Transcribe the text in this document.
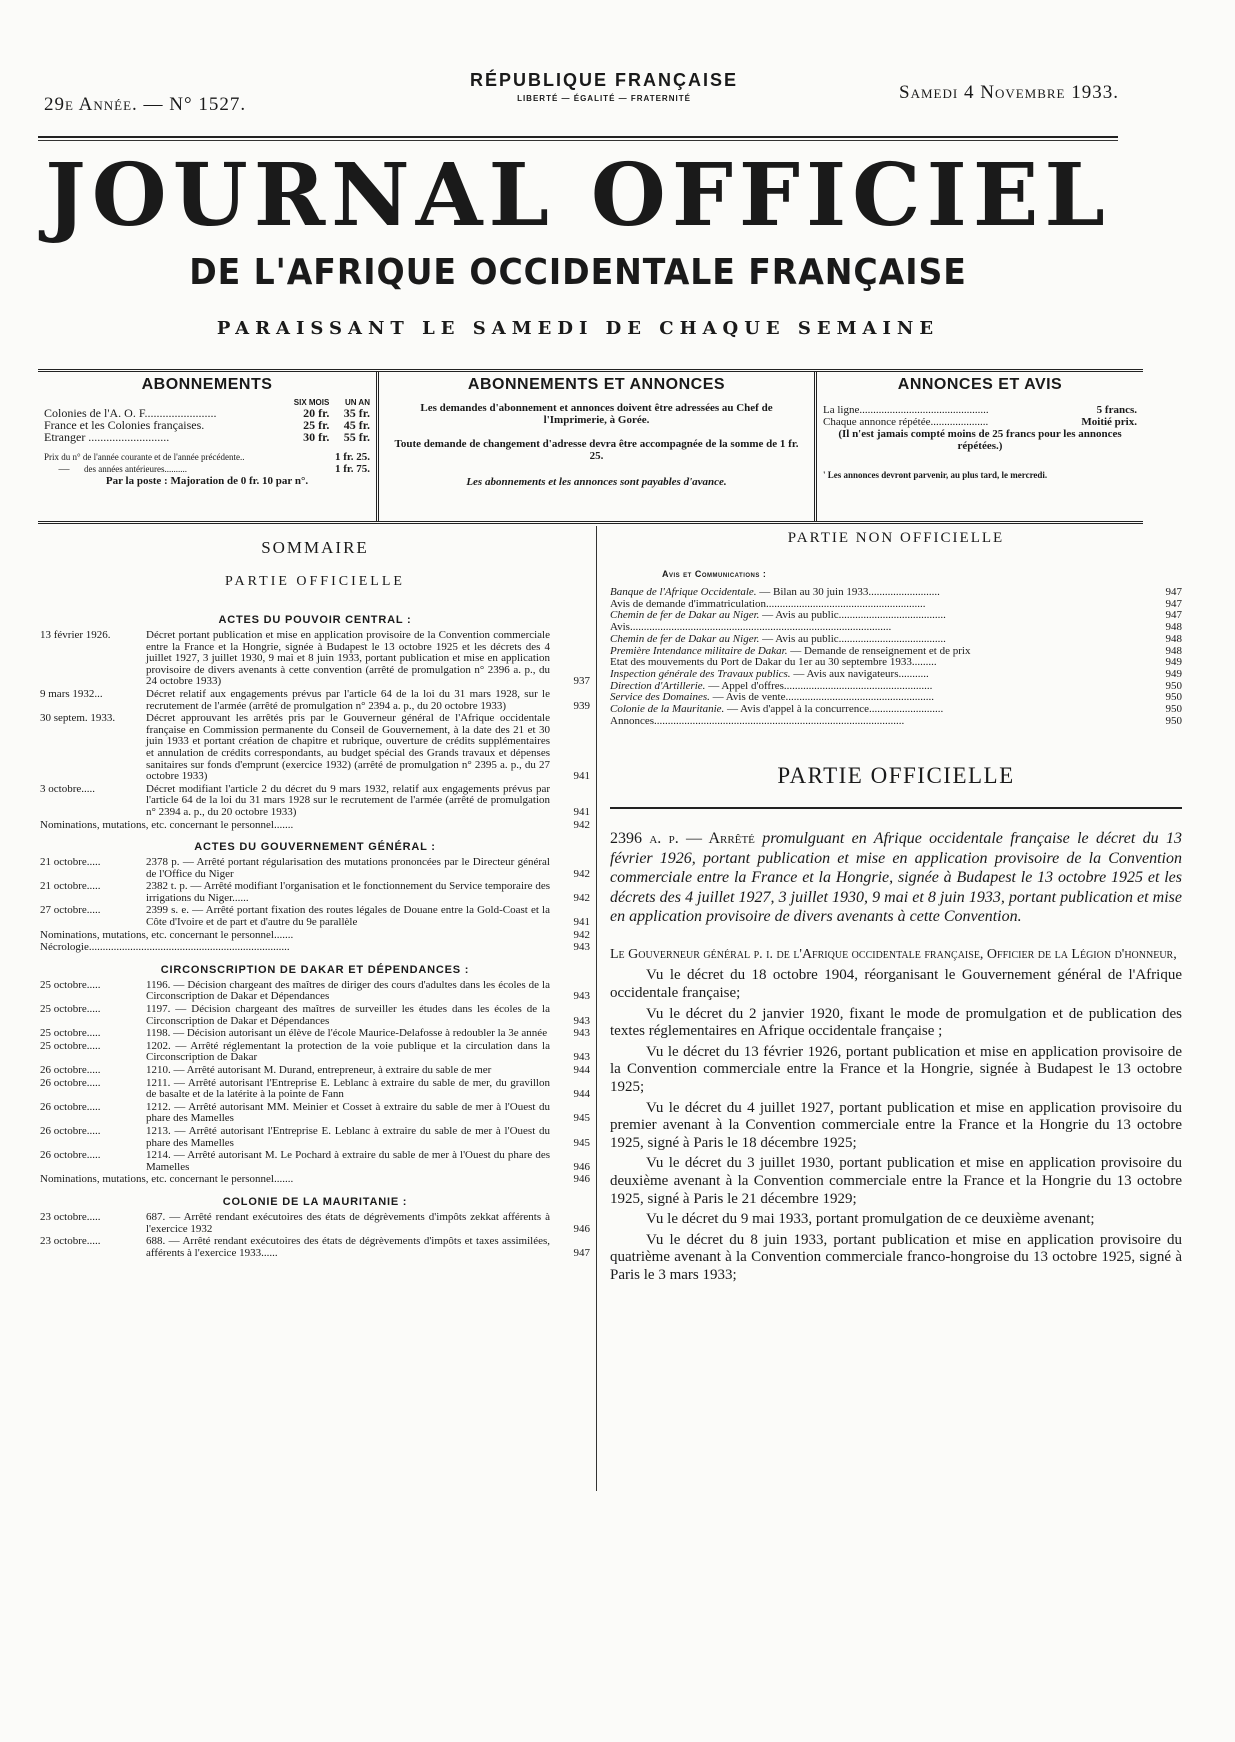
29e Année. — N° 1527.
RÉPUBLIQUE FRANÇAISE
LIBERTÉ — ÉGALITÉ — FRATERNITÉ	Samedi 4 Novembre 1933.
JOURNAL OFFICIEL
DE L'AFRIQUE OCCIDENTALE FRANÇAISE
PARAISSANT LE SAMEDI DE CHAQUE SEMAINE
ABONNEMENTS
	SIX MOIS	UN AN
Colonies de l'A. O. F........................	20 fr.	35 fr.
France et les Colonies françaises.	25 fr.	45 fr.
Etranger ...........................	30 fr.	55 fr.
Prix du n° de l'année courante et de l'année précédente..	1 fr. 25.
—	des années antérieures..........	1 fr. 75.
Par la poste : Majoration de 0 fr. 10 par n°.
ABONNEMENTS ET ANNONCES
Les demandes d'abonnement et annonces doivent être adressées au Chef de l'Imprimerie, à Gorée.
Toute demande de changement d'adresse devra être accompagnée de la somme de 1 fr. 25.
Les abonnements et les annonces sont payables d'avance.
ANNONCES ET AVIS
La ligne...............................................	5 francs.
Chaque annonce répétée.....................	Moitié prix.
(Il n'est jamais compté moins de 25 francs pour les annonces répétées.)
' Les annonces devront parvenir, au plus tard, le mercredi.
SOMMAIRE
PARTIE OFFICIELLE
ACTES DU POUVOIR CENTRAL :
13 février 1926.	Décret portant publication et mise en application provisoire de la Convention commerciale entre la France et la Hongrie, signée à Budapest le 13 octobre 1925 et les décrets des 4 juillet 1927, 3 juillet 1930, 9 mai et 8 juin 1933, portant publication et mise en application provisoire de divers avenants à cette convention (arrêté de promulgation n° 2396 a. p., du 24 octobre 1933)	937
9 mars 1932...	Décret relatif aux engagements prévus par l'article 64 de la loi du 31 mars 1928, sur le recrutement de l'armée (arrêté de promulgation n° 2394 a. p., du 20 octobre 1933)	939
30 septem. 1933.	Décret approuvant les arrêtés pris par le Gouverneur général de l'Afrique occidentale française en Commission permanente du Conseil de Gouvernement, à la date des 21 et 30 juin 1933 et portant création de chapitre et rubrique, ouverture de crédits supplémentaires et annulation de crédits correspondants, au budget spécial des Grands travaux et dépenses sanitaires sur fonds d'emprunt (exercice 1932) (arrêté de promulgation n° 2395 a. p., du 27 octobre 1933)	941
3 octobre.....	Décret modifiant l'article 2 du décret du 9 mars 1932, relatif aux engagements prévus par l'article 64 de la loi du 31 mars 1928 sur le recrutement de l'armée (arrêté de promulgation n° 2394 a. p., du 20 octobre 1933)	941
Nominations, mutations, etc. concernant le personnel.......	942
ACTES DU GOUVERNEMENT GÉNÉRAL :
21 octobre.....	2378 p. — Arrêté portant régularisation des mutations prononcées par le Directeur général de l'Office du Niger	942
21 octobre.....	2382 t. p. — Arrêté modifiant l'organisation et le fonctionnement du Service temporaire des irrigations du Niger......	942
27 octobre.....	2399 s. e. — Arrêté portant fixation des routes légales de Douane entre la Gold-Coast et la Côte d'Ivoire et de part et d'autre du 9e parallèle	941
Nominations, mutations, etc. concernant le personnel.......	942
Nécrologie.........................................................................	943
CIRCONSCRIPTION DE DAKAR ET DÉPENDANCES :
25 octobre.....	1196. — Décision chargeant des maîtres de diriger des cours d'adultes dans les écoles de la Circonscription de Dakar et Dépendances	943
25 octobre.....	1197. — Décision chargeant des maîtres de surveiller les études dans les écoles de la Circonscription de Dakar et Dépendances	943
25 octobre.....	1198. — Décision autorisant un élève de l'école Maurice-Delafosse à redoubler la 3e année	943
25 octobre.....	1202. — Arrêté réglementant la protection de la voie publique et la circulation dans la Circonscription de Dakar	943
26 octobre.....	1210. — Arrêté autorisant M. Durand, entrepreneur, à extraire du sable de mer	944
26 octobre.....	1211. — Arrêté autorisant l'Entreprise E. Leblanc à extraire du sable de mer, du gravillon de basalte et de la latérite à la pointe de Fann	944
26 octobre.....	1212. — Arrêté autorisant MM. Meinier et Cosset à extraire du sable de mer à l'Ouest du phare des Mamelles	945
26 octobre.....	1213. — Arrêté autorisant l'Entreprise E. Leblanc à extraire du sable de mer à l'Ouest du phare des Mamelles	945
26 octobre.....	1214. — Arrêté autorisant M. Le Pochard à extraire du sable de mer à l'Ouest du phare des Mamelles	946
Nominations, mutations, etc. concernant le personnel.......	946
COLONIE DE LA MAURITANIE :
23 octobre.....	687. — Arrêté rendant exécutoires des états de dégrèvements d'impôts zekkat afférents à l'exercice 1932	946
23 octobre.....	688. — Arrêté rendant exécutoires des états de dégrèvements d'impôts et taxes assimilées, afférents à l'exercice 1933......	947
PARTIE NON OFFICIELLE
Avis et Communications :
Banque de l'Afrique Occidentale. — Bilan au 30 juin 1933..........................	947
Avis de demande d'immatriculation..........................................................	947
Chemin de fer de Dakar au Niger. — Avis au public.......................................	947
Avis...............................................................................................	948
Chemin de fer de Dakar au Niger. — Avis au public.......................................	948
Première Intendance militaire de Dakar. — Demande de renseignement et de prix	948
Etat des mouvements du Port de Dakar du 1er au 30 septembre 1933.........	949
Inspection générale des Travaux publics. — Avis aux navigateurs...........	949
Direction d'Artillerie. — Appel d'offres......................................................	950
Service des Domaines. — Avis de vente......................................................	950
Colonie de la Mauritanie. — Avis d'appel à la concurrence...........................	950
Annonces...........................................................................................	950
PARTIE OFFICIELLE
2396 a. p. — Arrêté promulguant en Afrique occidentale française le décret du 13 février 1926, portant publication et mise en application provisoire de la Convention commerciale entre la France et la Hongrie, signée à Budapest le 13 octobre 1925 et les décrets des 4 juillet 1927, 3 juillet 1930, 9 mai et 8 juin 1933, portant publication et mise en application provisoire de divers avenants à cette Convention.
Le Gouverneur général p. i. de l'Afrique occidentale française, Officier de la Légion d'honneur,
Vu le décret du 18 octobre 1904, réorganisant le Gouvernement général de l'Afrique occidentale française;
Vu le décret du 2 janvier 1920, fixant le mode de promulgation et de publication des textes réglementaires en Afrique occidentale française ;
Vu le décret du 13 février 1926, portant publication et mise en application provisoire de la Convention commerciale entre la France et la Hongrie, signée à Budapest le 13 octobre 1925;
Vu le décret du 4 juillet 1927, portant publication et mise en application provisoire du premier avenant à la Convention commerciale entre la France et la Hongrie du 13 octobre 1925, signé à Paris le 18 décembre 1925;
Vu le décret du 3 juillet 1930, portant publication et mise en application provisoire du deuxième avenant à la Convention commerciale entre la France et la Hongrie du 13 octobre 1925, signé à Paris le 21 décembre 1929;
Vu le décret du 9 mai 1933, portant promulgation de ce deuxième avenant;
Vu le décret du 8 juin 1933, portant publication et mise en application provisoire du quatrième avenant à la Convention commerciale franco-hongroise du 13 octobre 1925, signé à Paris le 3 mars 1933;
